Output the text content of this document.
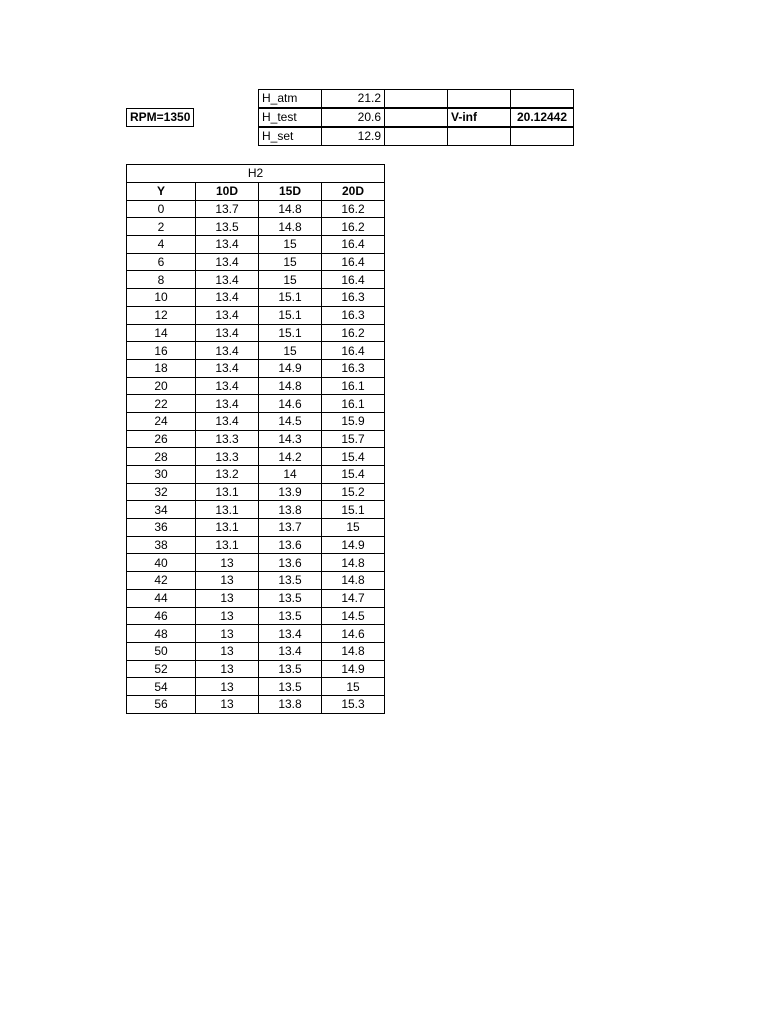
RPM=1350
H_atm	21.2
H_test	20.6	V-inf	20.12442
H_set	12.9
H2
Y	10D	15D	20D
0	13.7	14.8	16.2
2	13.5	14.8	16.2
4	13.4	15	16.4
6	13.4	15	16.4
8	13.4	15	16.4
10	13.4	15.1	16.3
12	13.4	15.1	16.3
14	13.4	15.1	16.2
16	13.4	15	16.4
18	13.4	14.9	16.3
20	13.4	14.8	16.1
22	13.4	14.6	16.1
24	13.4	14.5	15.9
26	13.3	14.3	15.7
28	13.3	14.2	15.4
30	13.2	14	15.4
32	13.1	13.9	15.2
34	13.1	13.8	15.1
36	13.1	13.7	15
38	13.1	13.6	14.9
40	13	13.6	14.8
42	13	13.5	14.8
44	13	13.5	14.7
46	13	13.5	14.5
48	13	13.4	14.6
50	13	13.4	14.8
52	13	13.5	14.9
54	13	13.5	15
56	13	13.8	15.3
